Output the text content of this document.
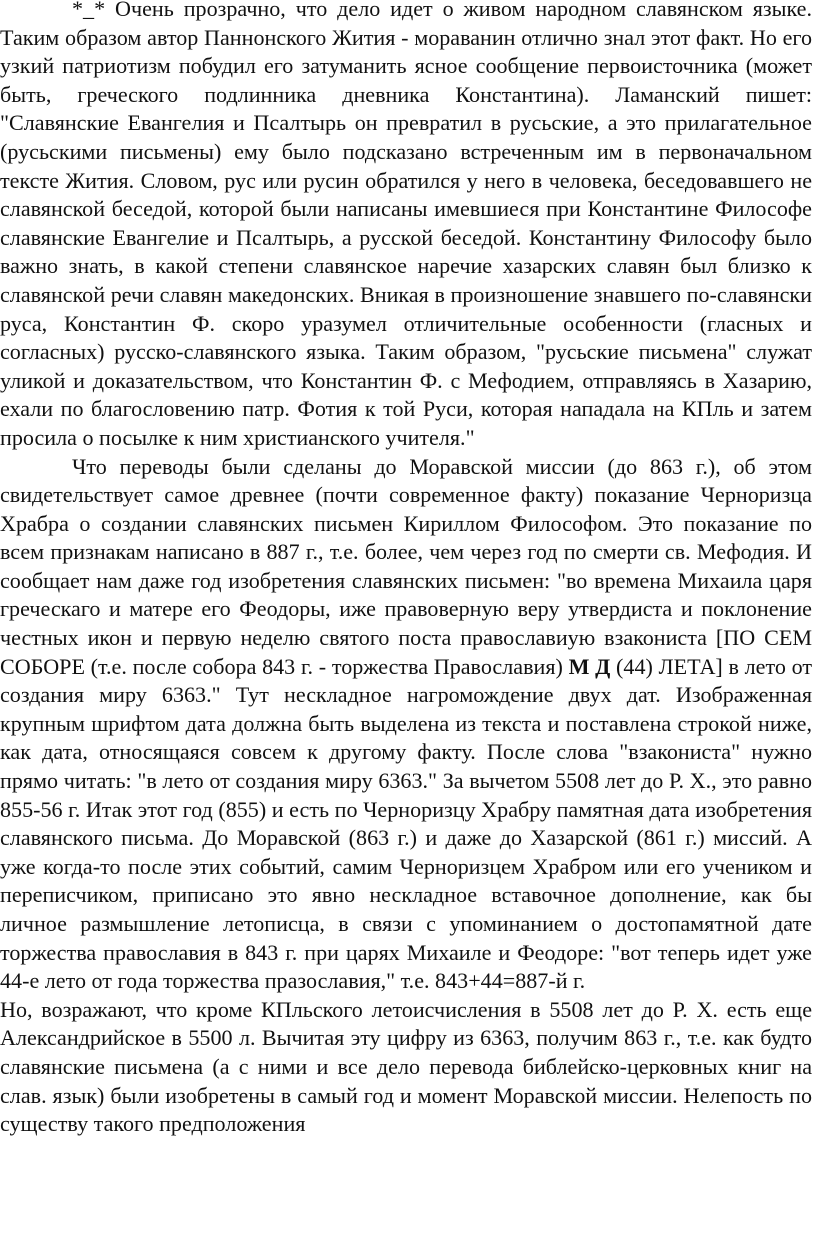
*_* Очень прозрачно, что дело идет о живом народном славянском языке. Таким образом автор Паннонского Жития - мораванин отлично знал этот факт. Но его узкий патриотизм побудил его затуманить ясное сообщение первоисточника (может быть, греческого подлинника дневника Константина). Ламанский пишет: "Славянские Евангелия и Псалтырь он превратил в русьские, а это прилагательное (русьскими письмены) ему было подсказано встреченным им в первоначальном тексте Жития. Словом, рус или русин обратился у него в человека, беседовавшего не славянской беседой, которой были написаны имевшиеся при Константине Философе славянские Евангелие и Псалтырь, а русской беседой. Константину Философу было важно знать, в какой степени славянское наречие хазарских славян был близко к славянской речи славян македонских. Вникая в произношение знавшего по-славянски руса, Константин Ф. скоро уразумел отличительные особенности (гласных и согласных) русско-славянского языка. Таким образом, "русьские письмена" служат уликой и доказательством, что Константин Ф. с Мефодием, отправляясь в Хазарию, ехали по благословению патр. Фотия к той Руси, которая нападала на КПль и затем просила о посылке к ним христианского учителя."

Что переводы были сделаны до Моравской миссии (до 863 г.), об этом свидетельствует самое древнее (почти современное факту) показание Черноризца Храбра о создании славянских письмен Кириллом Философом. Это показание по всем признакам написано в 887 г., т.е. более, чем через год по смерти св. Мефодия. И сообщает нам даже год изобретения славянских письмен: "во времена Михаила царя греческаго и матере его Феодоры, иже правоверную веру утвердиста и поклонение честных икон и первую неделю святого поста православиую взакониста [ПО СЕМ СОБОРЕ (т.е. после собора 843 г. - торжества Православия) М Д (44) ЛЕТА] в лето от создания миру 6363." Тут нескладное нагромождение двух дат. Изображенная крупным шрифтом дата должна быть выделена из текста и поставлена строкой ниже, как дата, относящаяся совсем к другому факту. После слова "взакониста" нужно прямо читать: "в лето от создания миру 6363." За вычетом 5508 лет до Р. Х., это равно 855-56 г. Итак этот год (855) и есть по Черноризцу Храбру памятная дата изобретения славянского письма. До Моравской (863 г.) и даже до Хазарской (861 г.) миссий. А уже когда-то после этих событий, самим Черноризцем Храбром или его учеником и переписчиком, приписано это явно нескладное вставочное дополнение, как бы личное размышление летописца, в связи с упоминанием о достопамятной дате торжества православия в 843 г. при царях Михаиле и Феодоре: "вот теперь идет уже 44-е лето от года торжества празославия," т.е. 843+44=887-й г.

Но, возражают, что кроме КПльского летоисчисления в 5508 лет до Р. Х. есть еще Александрийское в 5500 л. Вычитая эту цифру из 6363, получим 863 г., т.е. как будто славянские письмена (а с ними и все дело перевода библейско-церковных книг на слав. язык) были изобретены в самый год и момент Моравской миссии. Нелепость по существу такого предположения
